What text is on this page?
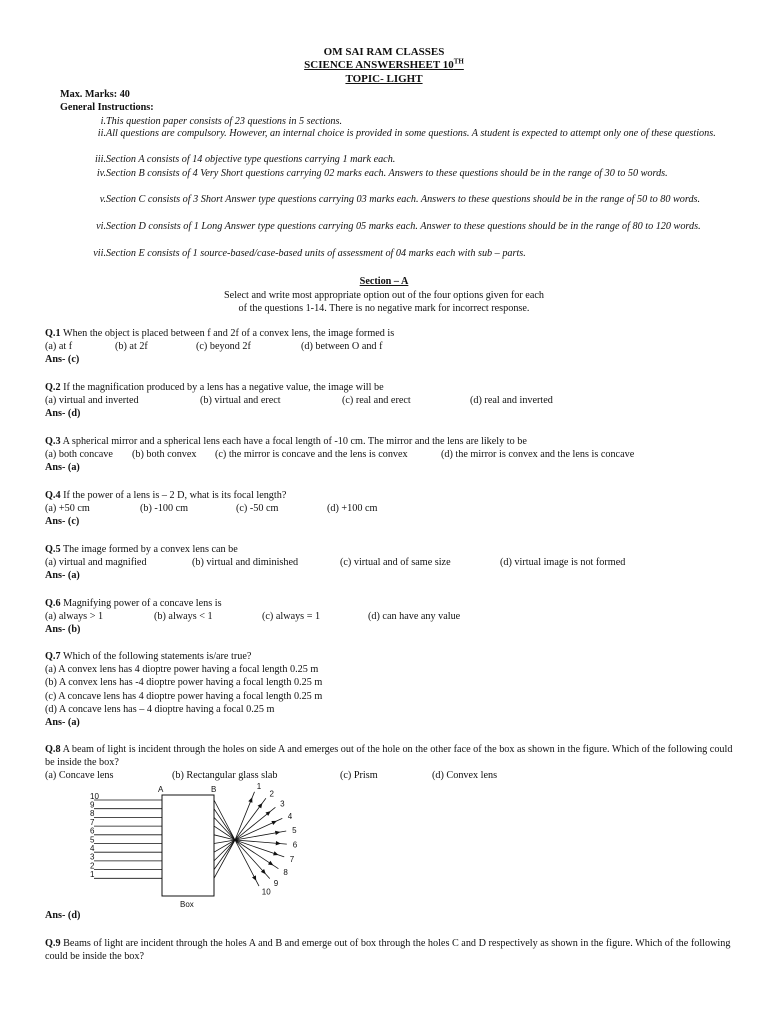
OM SAI RAM CLASSES
SCIENCE ANSWERSHEET 10TH
TOPIC- LIGHT
Max. Marks: 40
General Instructions:
i. This question paper consists of 23 questions in 5 sections.
ii. All questions are compulsory. However, an internal choice is provided in some questions. A student is expected to attempt only one of these questions.
iii. Section A consists of 14 objective type questions carrying 1 mark each.
iv. Section B consists of 4 Very Short questions carrying 02 marks each. Answers to these questions should be in the range of 30 to 50 words.
v. Section C consists of 3 Short Answer type questions carrying 03 marks each. Answers to these questions should be in the range of 50 to 80 words.
vi. Section D consists of 1 Long Answer type questions carrying 05 marks each. Answer to these questions should be in the range of 80 to 120 words.
vii. Section E consists of 1 source-based/case-based units of assessment of 04 marks each with sub – parts.
Section – A
Select and write most appropriate option out of the four options given for each
of the questions 1-14. There is no negative mark for incorrect response.
Q.1 When the object is placed between f and 2f of a convex lens, the image formed is
(a) at f	(b) at 2f	(c) beyond 2f	(d) between O and f
Ans- (c)
Q.2 If the magnification produced by a lens has a negative value, the image will be
(a) virtual and inverted	(b) virtual and erect	(c) real and erect	(d) real and inverted
Ans- (d)
Q.3 A spherical mirror and a spherical lens each have a focal length of -10 cm. The mirror and the lens are likely to be
(a) both concave (b) both convex (c) the mirror is concave and the lens is convex	(d) the mirror is convex and the lens is concave
Ans- (a)
Q.4 If the power of a lens is – 2 D, what is its focal length?
(a) +50 cm	(b) -100 cm	(c) -50 cm	(d) +100 cm
Ans- (c)
Q.5 The image formed by a convex lens can be
(a) virtual and magnified	(b) virtual and diminished	(c) virtual and of same size	(d) virtual image is not formed
Ans- (a)
Q.6 Magnifying power of a concave lens is
(a) always > 1	(b) always < 1	(c) always = 1	(d) can have any value
Ans- (b)
Q.7 Which of the following statements is/are true?
(a) A convex lens has 4 dioptre power having a focal length 0.25 m
(b) A convex lens has -4 dioptre power having a focal length 0.25 m
(c) A concave lens has 4 dioptre power having a focal length 0.25 m
(d) A concave lens has – 4 dioptre having a focal 0.25 m
Ans- (a)
Q.8 A beam of light is incident through the holes on side A and emerges out of the hole on the other face of the box as shown in the figure. Which of the following could be inside the box?
(a) Concave lens	(b) Rectangular glass slab	(c) Prism	(d) Convex lens
A	B
Box
10
9
8
7
6
5
4
3
2
1
1
2
3
4
5
6
7
8
9
10
Ans- (d)
Q.9 Beams of light are incident through the holes A and B and emerge out of box through the holes C and D respectively as shown in the figure. Which of the following could be inside the box?
